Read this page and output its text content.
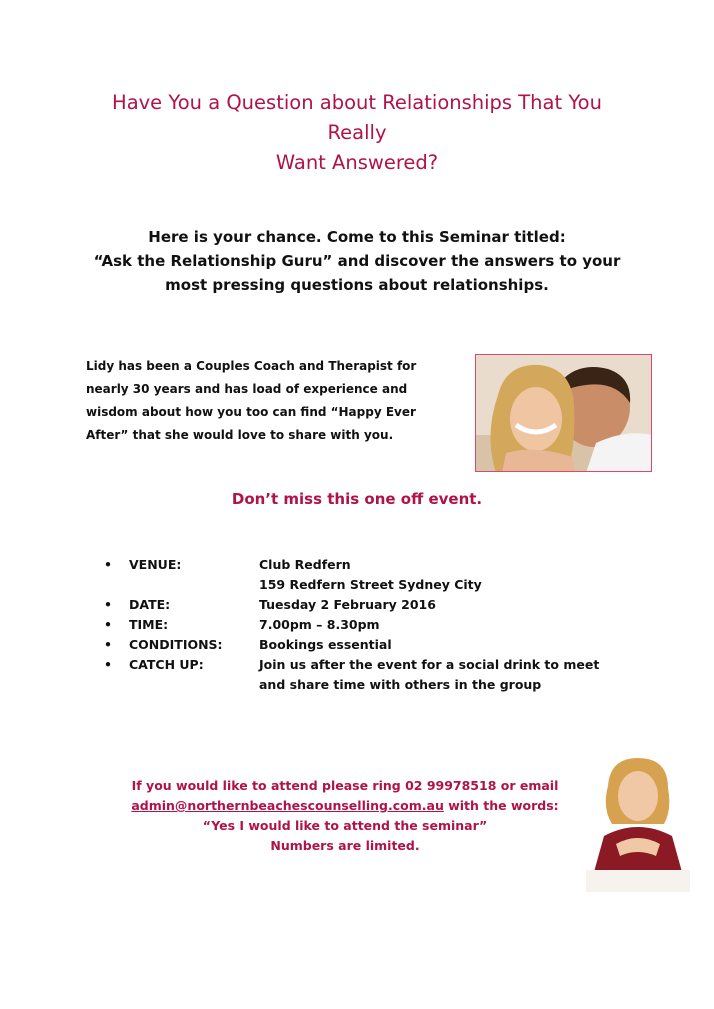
Have You a Question about Relationships That You
Really
Want Answered?
Here is your chance. Come to this Seminar titled:
“Ask the Relationship Guru” and discover the answers to your
most pressing questions about relationships.
Lidy has been a Couples Coach and Therapist for
nearly 30 years and has load of experience and
wisdom about how you too can find “Happy Ever
After” that she would love to share with you.
Don’t miss this one off event.
•	VENUE:	Club Redfern
159 Redfern Street Sydney City
•	DATE:	Tuesday 2 February 2016
•	TIME:	7.00pm – 8.30pm
•	CONDITIONS:	Bookings essential
•	CATCH UP:	Join us after the event for a social drink to meet
and share time with others in the group
If you would like to attend please ring 02 99978518 or email
admin@northernbeachescounselling.com.au with the words:
“Yes I would like to attend the seminar”
Numbers are limited.
